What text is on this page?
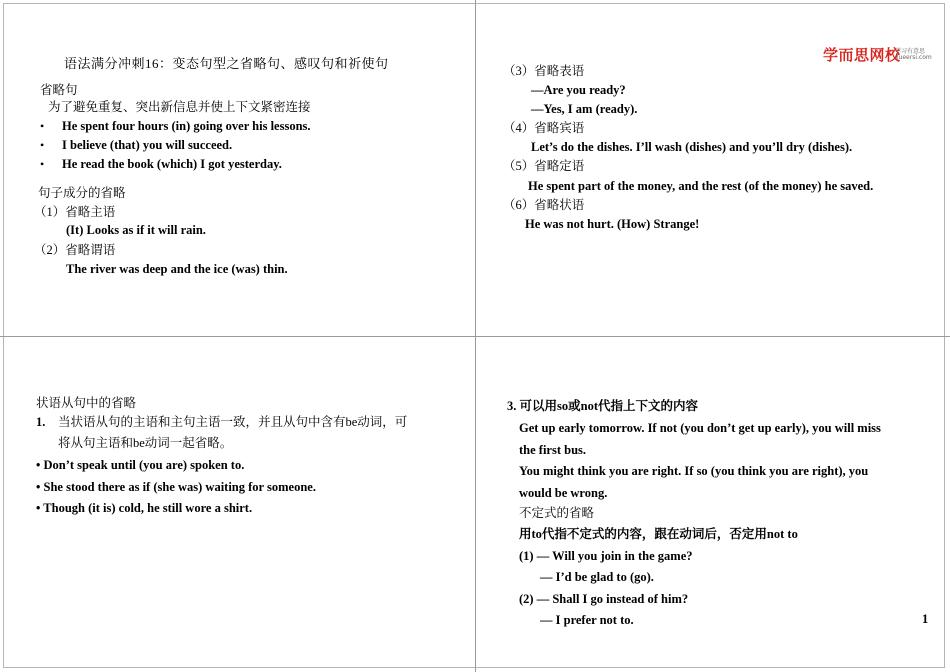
语法满分冲刺16：变态句型之省略句、感叹句和祈使句
省略句
为了避免重复、突出新信息并使上下文紧密连接
• He spent four hours (in) going over his lessons.
• I believe (that) you will succeed.
• He read the book (which) I got yesterday.
句子成分的省略
（1）省略主语
(It) Looks as if it will rain.
（2）省略谓语
The river was deep and the ice (was) thin.
学而思网校
学习有意思
xueersi.com
（3）省略表语
—Are you ready?
—Yes, I am (ready).
（4）省略宾语
Let’s do the dishes. I’ll wash (dishes) and you’ll dry (dishes).
（5）省略定语
He spent part of the money, and the rest (of the money) he saved.
（6）省略状语
He was not hurt. (How) Strange!
状语从句中的省略
1. 当状语从句的主语和主句主语一致，并且从句中含有be动词，可
将从句主语和be动词一起省略。
• Don’t speak until (you are) spoken to.
• She stood there as if (she was) waiting for someone.
• Though (it is) cold, he still wore a shirt.
3. 可以用so或not代指上下文的内容
Get up early tomorrow. If not (you don’t get up early), you will miss
the first bus.
You might think you are right. If so (you think you are right), you
would be wrong.
不定式的省略
用to代指不定式的内容，跟在动词后，否定用not to
(1) — Will you join in the game?
— I’d be glad to (go).
(2) — Shall I go instead of him?
— I prefer not to.	1
